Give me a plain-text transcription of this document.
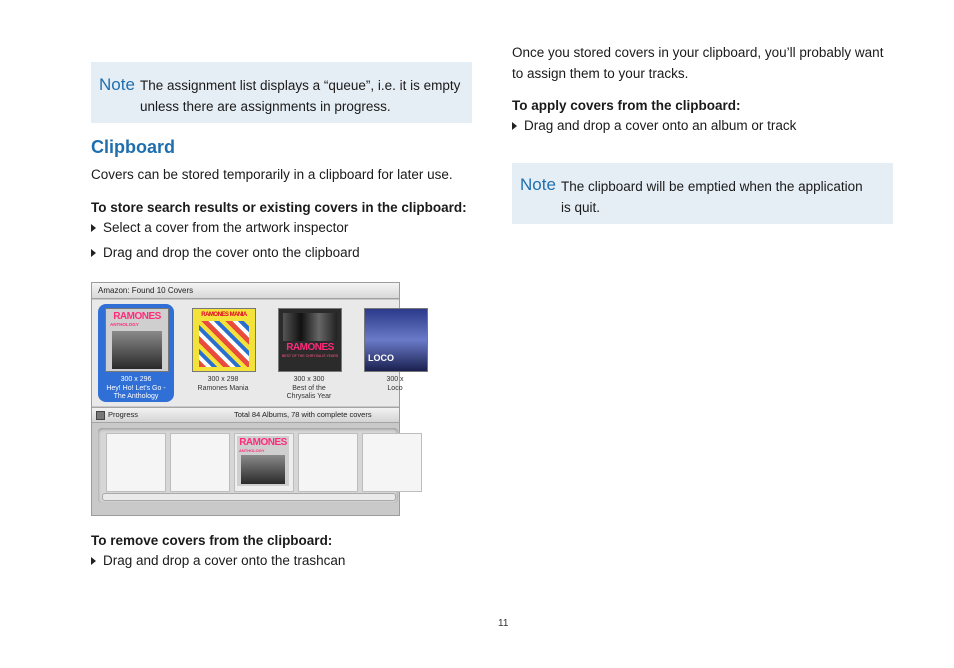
Note The assignment list displays a “queue”, i.e. it is empty
unless there are assignments in progress.
Clipboard
Covers can be stored temporarily in a clipboard for later use.
To store search results or existing covers in the clipboard:
Select a cover from the artwork inspector
Drag and drop the cover onto the clipboard
Amazon: Found 10 Covers
RAMONES
ANTHOLOGY
300 x 296
Hey! Ho! Let's Go -
The Anthology
RAMONES MANIA
300 x 298
Ramones Mania
RAMONES
BEST OF THE CHRYSALIS YEARS
300 x 300
Best of the
Chrysalis Year
LOCO
300 x
Loco
Progress	Total 84 Albums, 78 with complete covers
RAMONES
ANTHOLOGY
To remove covers from the clipboard:
Drag and drop a cover onto the trashcan
Once you stored covers in your clipboard, you’ll probably want
to assign them to your tracks.
To apply covers from the clipboard:
Drag and drop a cover onto an album or track
Note The clipboard will be emptied when the application
is quit.
11
